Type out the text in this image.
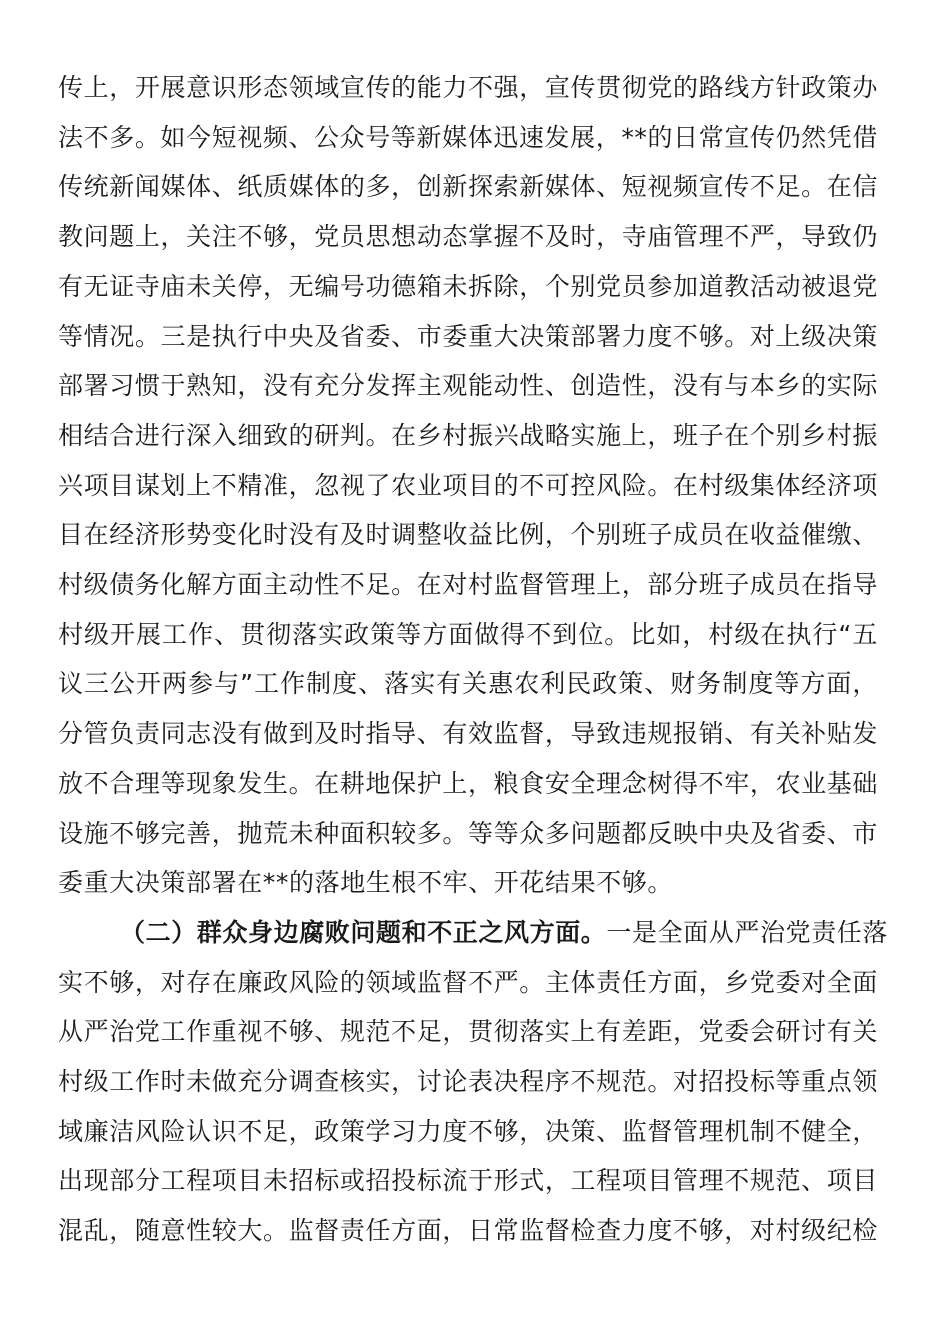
传上，开展意识形态领域宣传的能力不强，宣传贯彻党的路线方针政策办
法不多。如今短视频、公众号等新媒体迅速发展，**的日常宣传仍然凭借
传统新闻媒体、纸质媒体的多，创新探索新媒体、短视频宣传不足。在信
教问题上，关注不够，党员思想动态掌握不及时，寺庙管理不严，导致仍
有无证寺庙未关停，无编号功德箱未拆除，个别党员参加道教活动被退党
等情况。三是执行中央及省委、市委重大决策部署力度不够。对上级决策
部署习惯于熟知，没有充分发挥主观能动性、创造性，没有与本乡的实际
相结合进行深入细致的研判。在乡村振兴战略实施上，班子在个别乡村振
兴项目谋划上不精准，忽视了农业项目的不可控风险。在村级集体经济项
目在经济形势变化时没有及时调整收益比例，个别班子成员在收益催缴、
村级债务化解方面主动性不足。在对村监督管理上，部分班子成员在指导
村级开展工作、贯彻落实政策等方面做得不到位。比如，村级在执行“五
议三公开两参与”工作制度、落实有关惠农利民政策、财务制度等方面，
分管负责同志没有做到及时指导、有效监督，导致违规报销、有关补贴发
放不合理等现象发生。在耕地保护上，粮食安全理念树得不牢，农业基础
设施不够完善，抛荒未种面积较多。等等众多问题都反映中央及省委、市
委重大决策部署在**的落地生根不牢、开花结果不够。
（二）群众身边腐败问题和不正之风方面。一是全面从严治党责任落
实不够，对存在廉政风险的领域监督不严。主体责任方面，乡党委对全面
从严治党工作重视不够、规范不足，贯彻落实上有差距，党委会研讨有关
村级工作时未做充分调查核实，讨论表决程序不规范。对招投标等重点领
域廉洁风险认识不足，政策学习力度不够，决策、监督管理机制不健全，
出现部分工程项目未招标或招投标流于形式，工程项目管理不规范、项目
混乱，随意性较大。监督责任方面，日常监督检查力度不够，对村级纪检
